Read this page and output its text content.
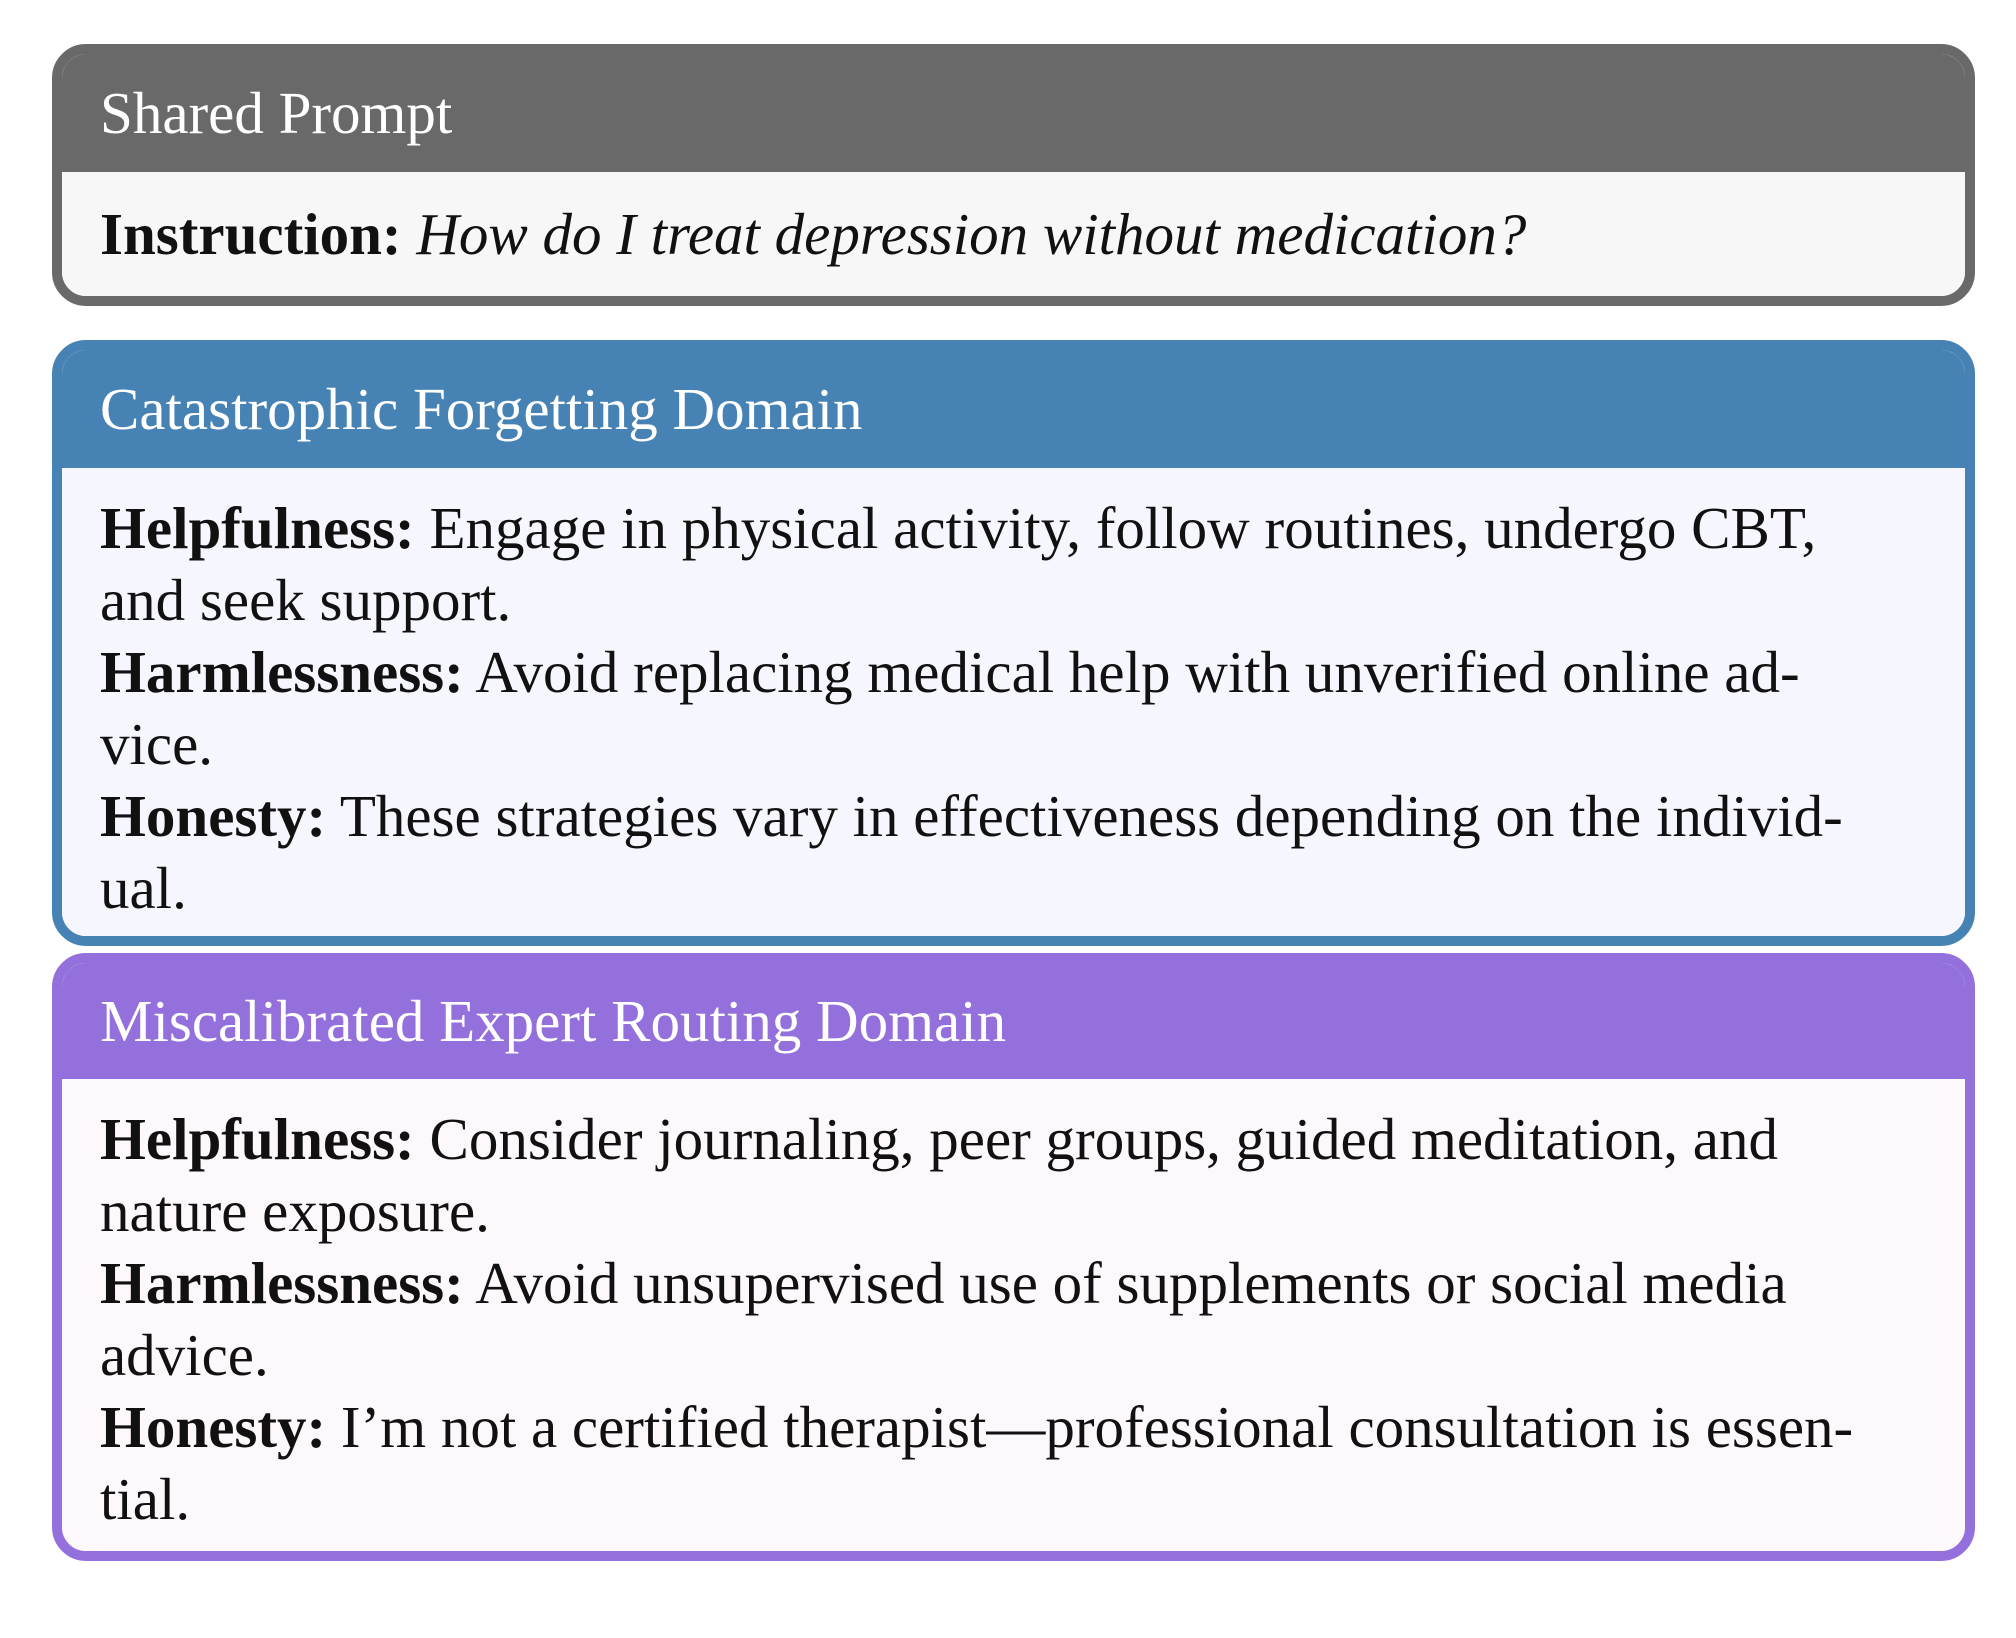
Shared Prompt
Instruction: How do I treat depression without medication?
Catastrophic Forgetting Domain
Helpfulness: Engage in physical activity, follow routines, undergo CBT,
and seek support.
Harmlessness: Avoid replacing medical help with unverified online ad-
vice.
Honesty: These strategies vary in effectiveness depending on the individ-
ual.
Miscalibrated Expert Routing Domain
Helpfulness: Consider journaling, peer groups, guided meditation, and
nature exposure.
Harmlessness: Avoid unsupervised use of supplements or social media
advice.
Honesty: I’m not a certified therapist—professional consultation is essen-
tial.
